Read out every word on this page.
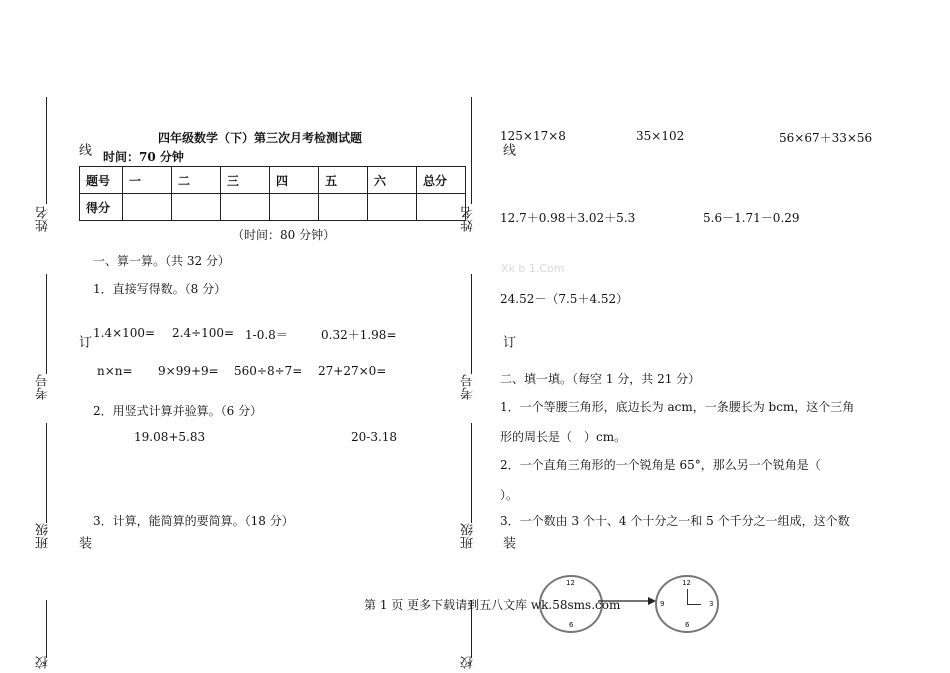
姓名
考号
班级
校
线
订
装
姓名
考号
班级
校
线
订
装
四年级数学（下）第三次月考检测试题
时间：70 分钟
题号	一	二	三	四	五	六	总分
得分							
（时间：80 分钟）
一、算一算。（共 32 分）
1．直接写得数。（8 分）
1.4×100= 2.4÷100= 1-0.8＝	0.32＋1.98=
n×n= 9×99+9= 560÷8÷7= 27+27×0=
2．用竖式计算并验算。（6 分）
19.08+5.83	20-3.18
3．计算，能简算的要简算。（18 分）
125×17×8	35×102	56×67＋33×56
12.7＋0.98＋3.02＋5.3	5.6－1.71－0.29
Xk b 1.Com
24.52－（7.5＋4.52）
二、填一填。（每空 1 分，共 21 分）
1．一个等腰三角形，底边长为 acm，一条腰长为 bcm，这个三角
形的周长是（　）cm。
2．一个直角三角形的一个锐角是 65°，那么另一个锐角是（
）。
3．一个数由 3 个十、4 个十分之一和 5 个千分之一组成，这个数
12
6
12
9	3
6
第 1 页 更多下载请到五八文库 wk.58sms.com
